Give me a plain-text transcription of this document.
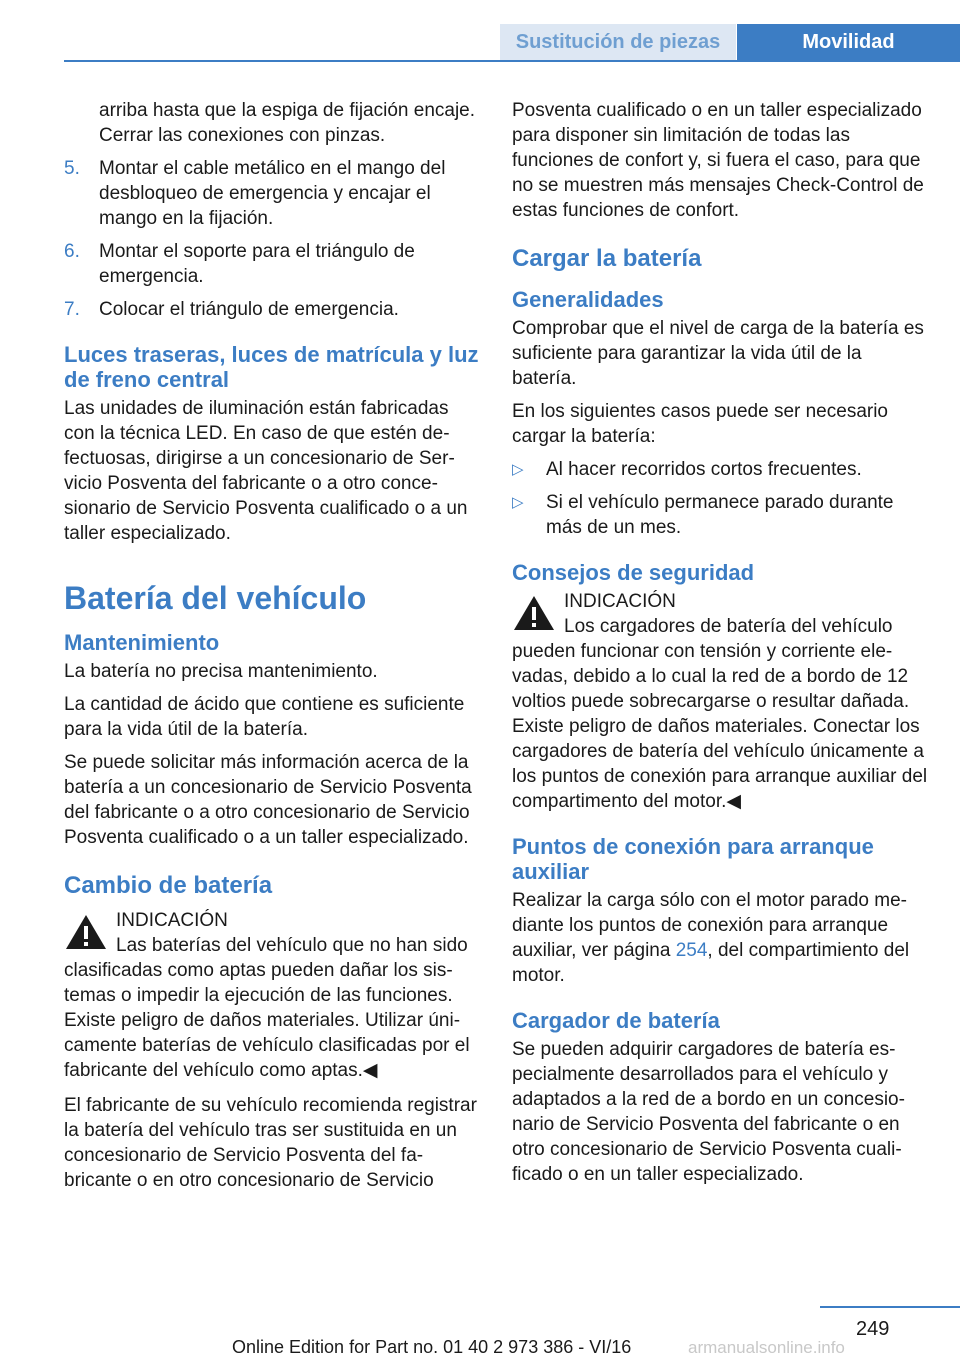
Sustitución de piezas	Movilidad
arriba hasta que la espiga de fijación encaje. Cerrar las conexiones con pinzas.
5.	Montar el cable metálico en el mango del desbloqueo de emergencia y encajar el mango en la fijación.
6.	Montar el soporte para el triángulo de emergencia.
7.	Colocar el triángulo de emergencia.
Luces traseras, luces de matrícula y luz de freno central

Las unidades de iluminación están fabricadas con la técnica LED. En caso de que estén defectuosas, dirigirse a un concesionario de Servicio Posventa del fabricante o a otro concesionario de Servicio Posventa cualificado o a un taller especializado.

Batería del vehículo
Mantenimiento

La batería no precisa mantenimiento.

La cantidad de ácido que contiene es suficiente para la vida útil de la batería.

Se puede solicitar más información acerca de la batería a un concesionario de Servicio Posventa del fabricante o a otro concesionario de Servicio Posventa cualificado o a un taller especializado.

Cambio de batería
INDICACIÓN
Las baterías del vehículo que no han sido
clasificadas como aptas pueden dañar los sistemas o impedir la ejecución de las funciones. Existe peligro de daños materiales. Utilizar únicamente baterías de vehículo clasificadas por el fabricante del vehículo como aptas.◀

El fabricante de su vehículo recomienda registrar la batería del vehículo tras ser sustituida en un concesionario de Servicio Posventa del fabricante o en otro concesionario de Servicio

Posventa cualificado o en un taller especializado para disponer sin limitación de todas las funciones de confort y, si fuera el caso, para que no se muestren más mensajes Check-Control de estas funciones de confort.

Cargar la batería
Generalidades

Comprobar que el nivel de carga de la batería es suficiente para garantizar la vida útil de la batería.

En los siguientes casos puede ser necesario cargar la batería:

▷	Al hacer recorridos cortos frecuentes.
▷	Si el vehículo permanece parado durante más de un mes.
Consejos de seguridad
INDICACIÓN
Los cargadores de batería del vehículo
pueden funcionar con tensión y corriente elevadas, debido a lo cual la red de a bordo de 12 voltios puede sobrecargarse o resultar dañada. Existe peligro de daños materiales. Conectar los cargadores de batería del vehículo únicamente a los puntos de conexión para arranque auxiliar del compartimento del motor.◀
Puntos de conexión para arranque auxiliar

Realizar la carga sólo con el motor parado mediante los puntos de conexión para arranque auxiliar, ver página 254, del compartimiento del motor.

Cargador de batería

Se pueden adquirir cargadores de batería especialmente desarrollados para el vehículo y adaptados a la red de a bordo en un concesionario de Servicio Posventa del fabricante o en otro concesionario de Servicio Posventa cualificado o en un taller especializado.

249
Online Edition for Part no. 01 40 2 973 386 - VI/16	armanualsonline.info
